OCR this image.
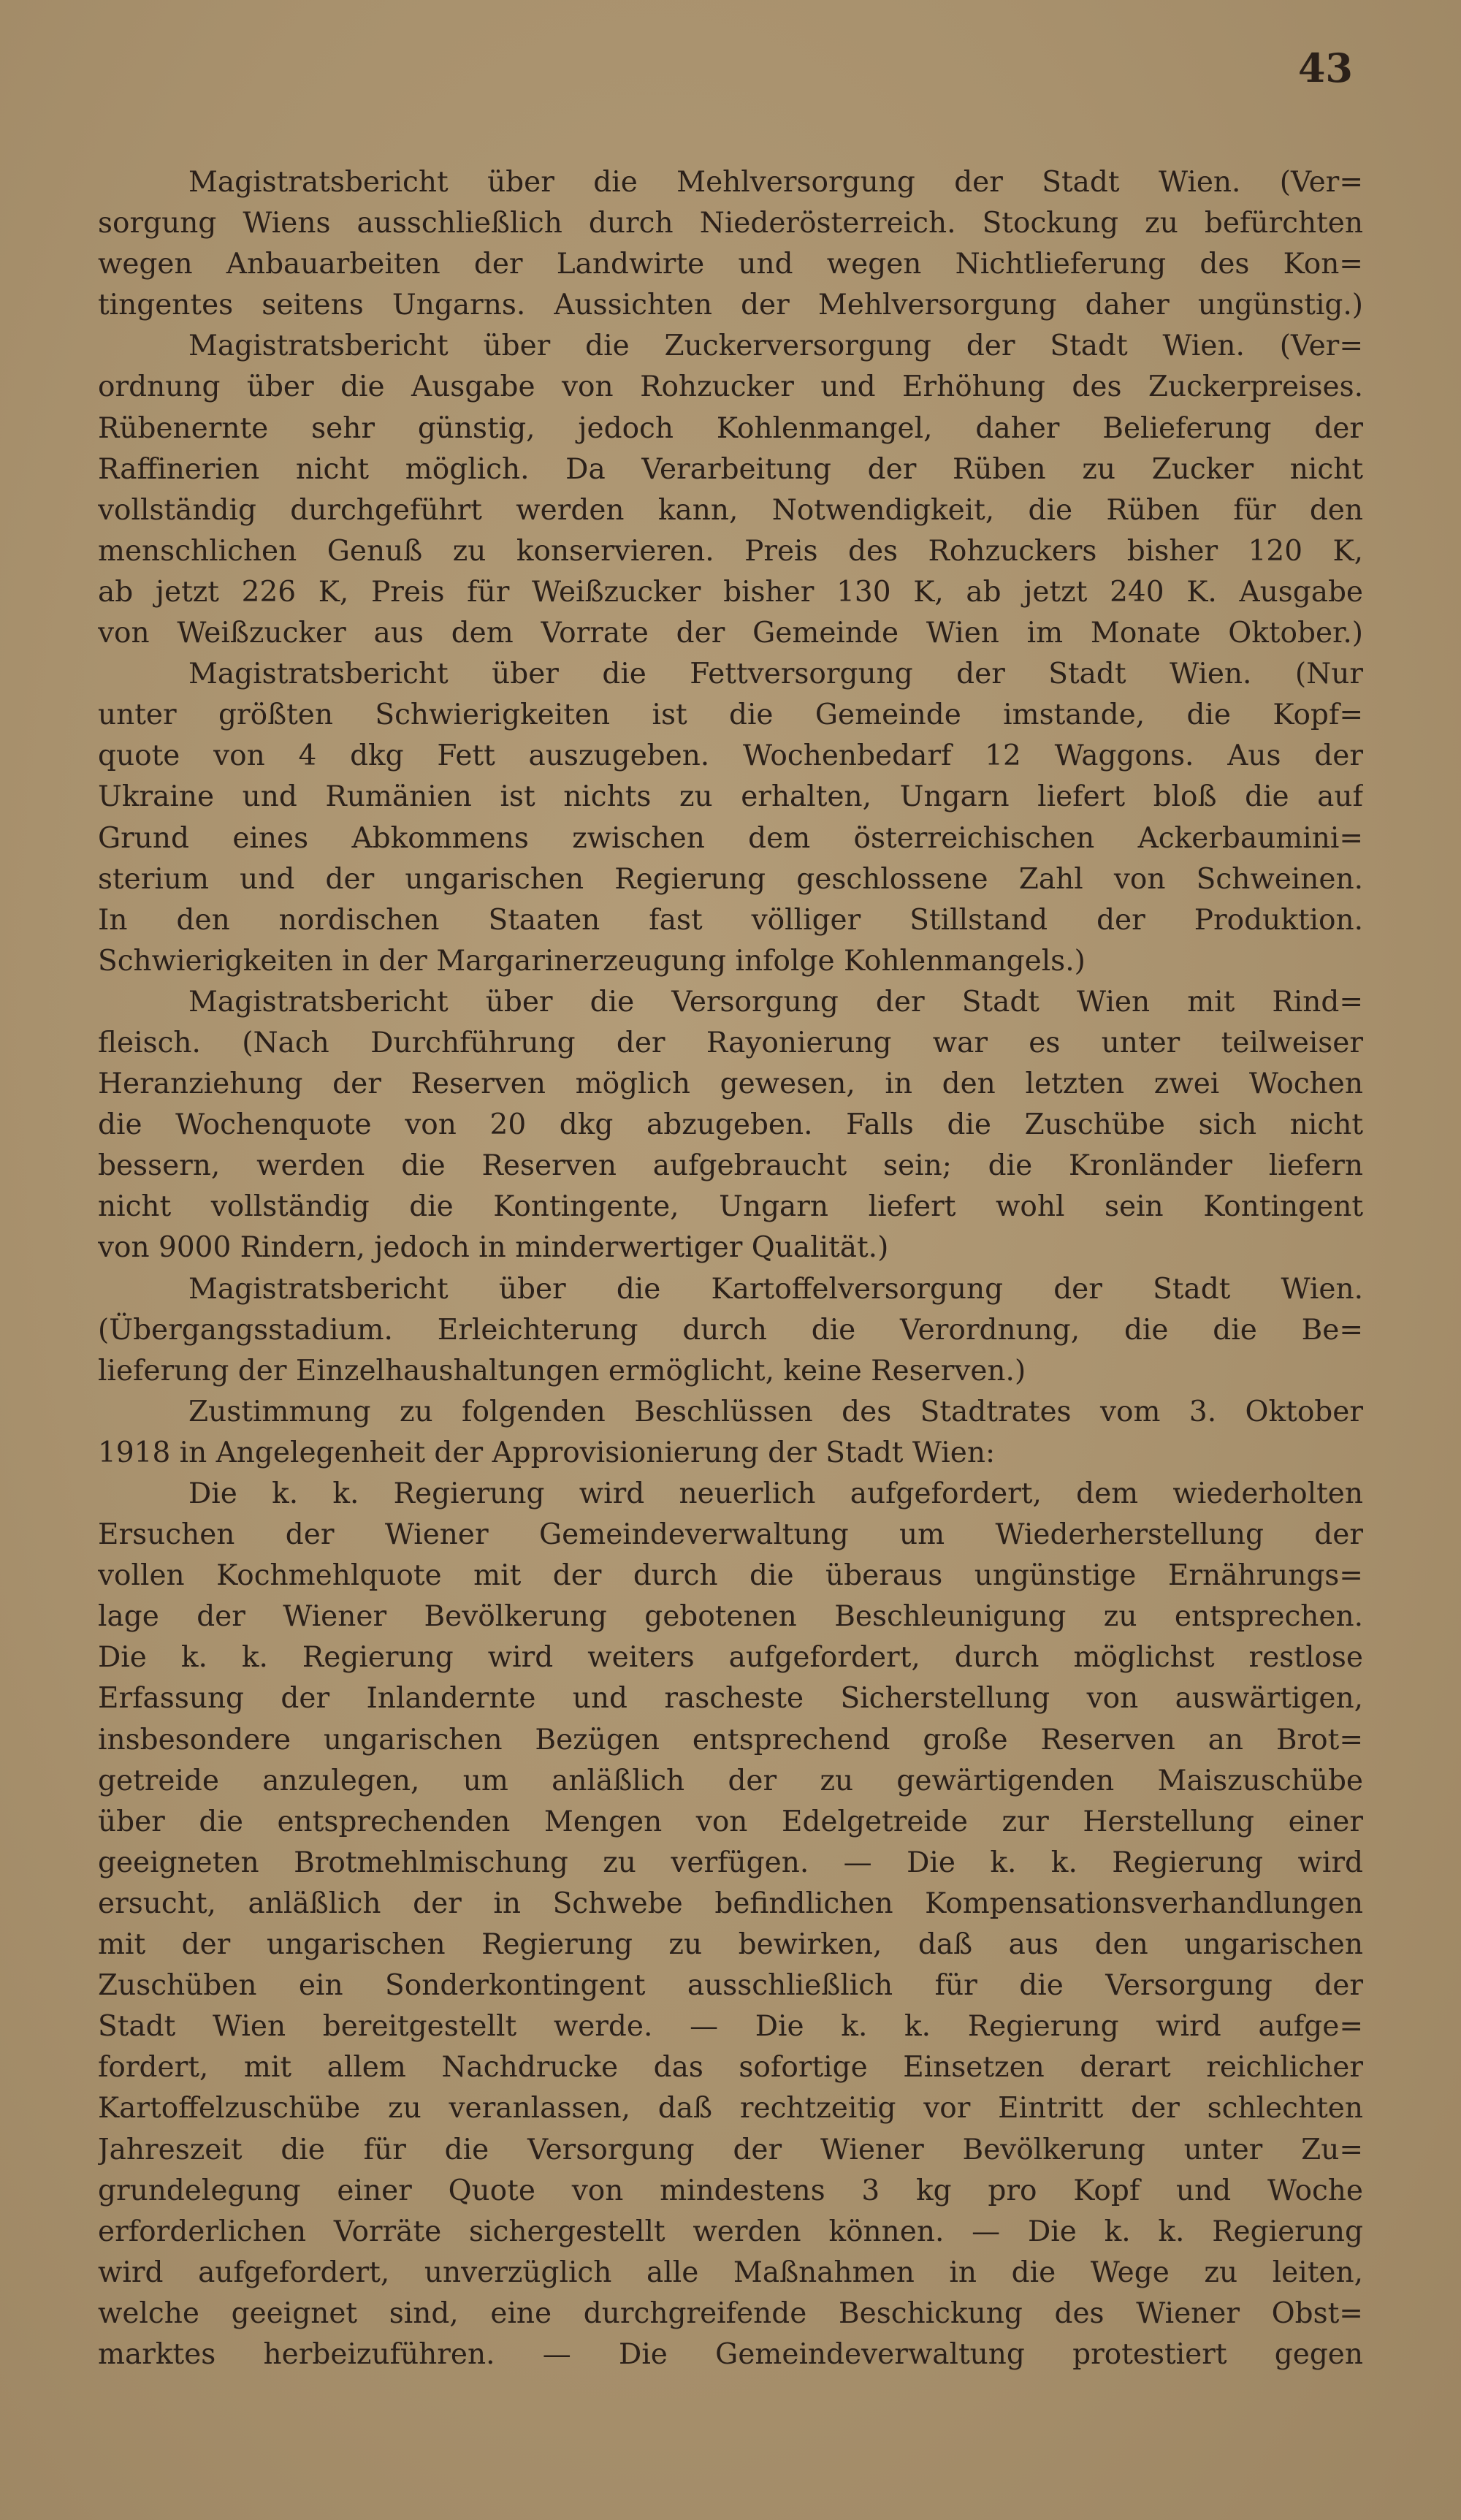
43
Magistratsbericht über die Mehlversorgung der Stadt Wien. (Ver=
sorgung Wiens ausschließlich durch Niederösterreich. Stockung zu befürchten
wegen Anbauarbeiten der Landwirte und wegen Nichtlieferung des Kon=
tingentes seitens Ungarns. Aussichten der Mehlversorgung daher ungünstig.)
Magistratsbericht über die Zuckerversorgung der Stadt Wien. (Ver=
ordnung über die Ausgabe von Rohzucker und Erhöhung des Zuckerpreises.
Rübenernte sehr günstig, jedoch Kohlenmangel, daher Belieferung der
Raffinerien nicht möglich. Da Verarbeitung der Rüben zu Zucker nicht
vollständig durchgeführt werden kann, Notwendigkeit, die Rüben für den
menschlichen Genuß zu konservieren. Preis des Rohzuckers bisher 120 K,
ab jetzt 226 K, Preis für Weißzucker bisher 130 K, ab jetzt 240 K. Ausgabe
von Weißzucker aus dem Vorrate der Gemeinde Wien im Monate Oktober.)
Magistratsbericht über die Fettversorgung der Stadt Wien. (Nur
unter größten Schwierigkeiten ist die Gemeinde imstande, die Kopf=
quote von 4 dkg Fett auszugeben. Wochenbedarf 12 Waggons. Aus der
Ukraine und Rumänien ist nichts zu erhalten, Ungarn liefert bloß die auf
Grund eines Abkommens zwischen dem österreichischen Ackerbaumini=
sterium und der ungarischen Regierung geschlossene Zahl von Schweinen.
In den nordischen Staaten fast völliger Stillstand der Produktion.
Schwierigkeiten in der Margarinerzeugung infolge Kohlenmangels.)
Magistratsbericht über die Versorgung der Stadt Wien mit Rind=
fleisch. (Nach Durchführung der Rayonierung war es unter teilweiser
Heranziehung der Reserven möglich gewesen, in den letzten zwei Wochen
die Wochenquote von 20 dkg abzugeben. Falls die Zuschübe sich nicht
bessern, werden die Reserven aufgebraucht sein; die Kronländer liefern
nicht vollständig die Kontingente, Ungarn liefert wohl sein Kontingent
von 9000 Rindern, jedoch in minderwertiger Qualität.)
Magistratsbericht über die Kartoffelversorgung der Stadt Wien.
(Übergangsstadium. Erleichterung durch die Verordnung, die die Be=
lieferung der Einzelhaushaltungen ermöglicht, keine Reserven.)
Zustimmung zu folgenden Beschlüssen des Stadtrates vom 3. Oktober
1918 in Angelegenheit der Approvisionierung der Stadt Wien:
Die k. k. Regierung wird neuerlich aufgefordert, dem wiederholten
Ersuchen der Wiener Gemeindeverwaltung um Wiederherstellung der
vollen Kochmehlquote mit der durch die überaus ungünstige Ernährungs=
lage der Wiener Bevölkerung gebotenen Beschleunigung zu entsprechen.
Die k. k. Regierung wird weiters aufgefordert, durch möglichst restlose
Erfassung der Inlandernte und rascheste Sicherstellung von auswärtigen,
insbesondere ungarischen Bezügen entsprechend große Reserven an Brot=
getreide anzulegen, um anläßlich der zu gewärtigenden Maiszuschübe
über die entsprechenden Mengen von Edelgetreide zur Herstellung einer
geeigneten Brotmehlmischung zu verfügen. — Die k. k. Regierung wird
ersucht, anläßlich der in Schwebe befindlichen Kompensationsverhandlungen
mit der ungarischen Regierung zu bewirken, daß aus den ungarischen
Zuschüben ein Sonderkontingent ausschließlich für die Versorgung der
Stadt Wien bereitgestellt werde. — Die k. k. Regierung wird aufge=
fordert, mit allem Nachdrucke das sofortige Einsetzen derart reichlicher
Kartoffelzuschübe zu veranlassen, daß rechtzeitig vor Eintritt der schlechten
Jahreszeit die für die Versorgung der Wiener Bevölkerung unter Zu=
grundelegung einer Quote von mindestens 3 kg pro Kopf und Woche
erforderlichen Vorräte sichergestellt werden können. — Die k. k. Regierung
wird aufgefordert, unverzüglich alle Maßnahmen in die Wege zu leiten,
welche geeignet sind, eine durchgreifende Beschickung des Wiener Obst=
marktes herbeizuführen. — Die Gemeindeverwaltung protestiert gegen
